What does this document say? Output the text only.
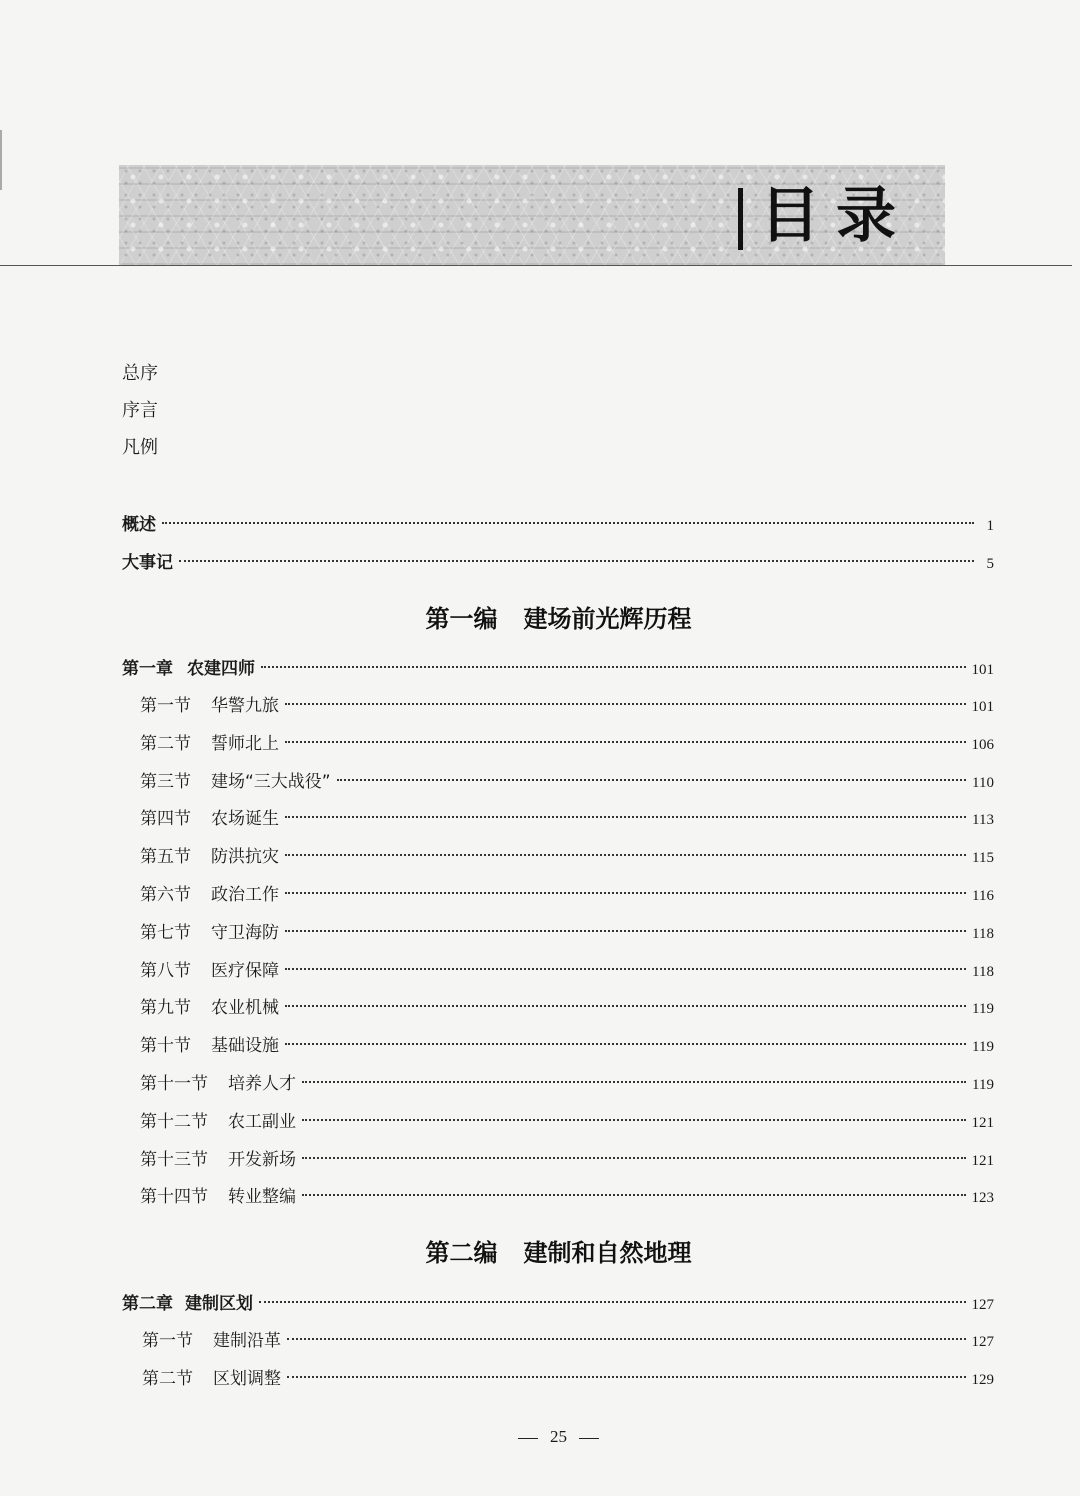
目录
总序
序言
凡例
概述	1
大事记	5
第一编 建场前光辉历程
第一章 农建四师	101
第一节 华警九旅	101
第二节 誓师北上	106
第三节 建场“三大战役”	110
第四节 农场诞生	113
第五节 防洪抗灾	115
第六节 政治工作	116
第七节 守卫海防	118
第八节 医疗保障	118
第九节 农业机械	119
第十节 基础设施	119
第十一节 培养人才	119
第十二节 农工副业	121
第十三节 开发新场	121
第十四节 转业整编	123
第二编 建制和自然地理
第二章 建制区划	127
第一节 建制沿革	127
第二节 区划调整	129
25
